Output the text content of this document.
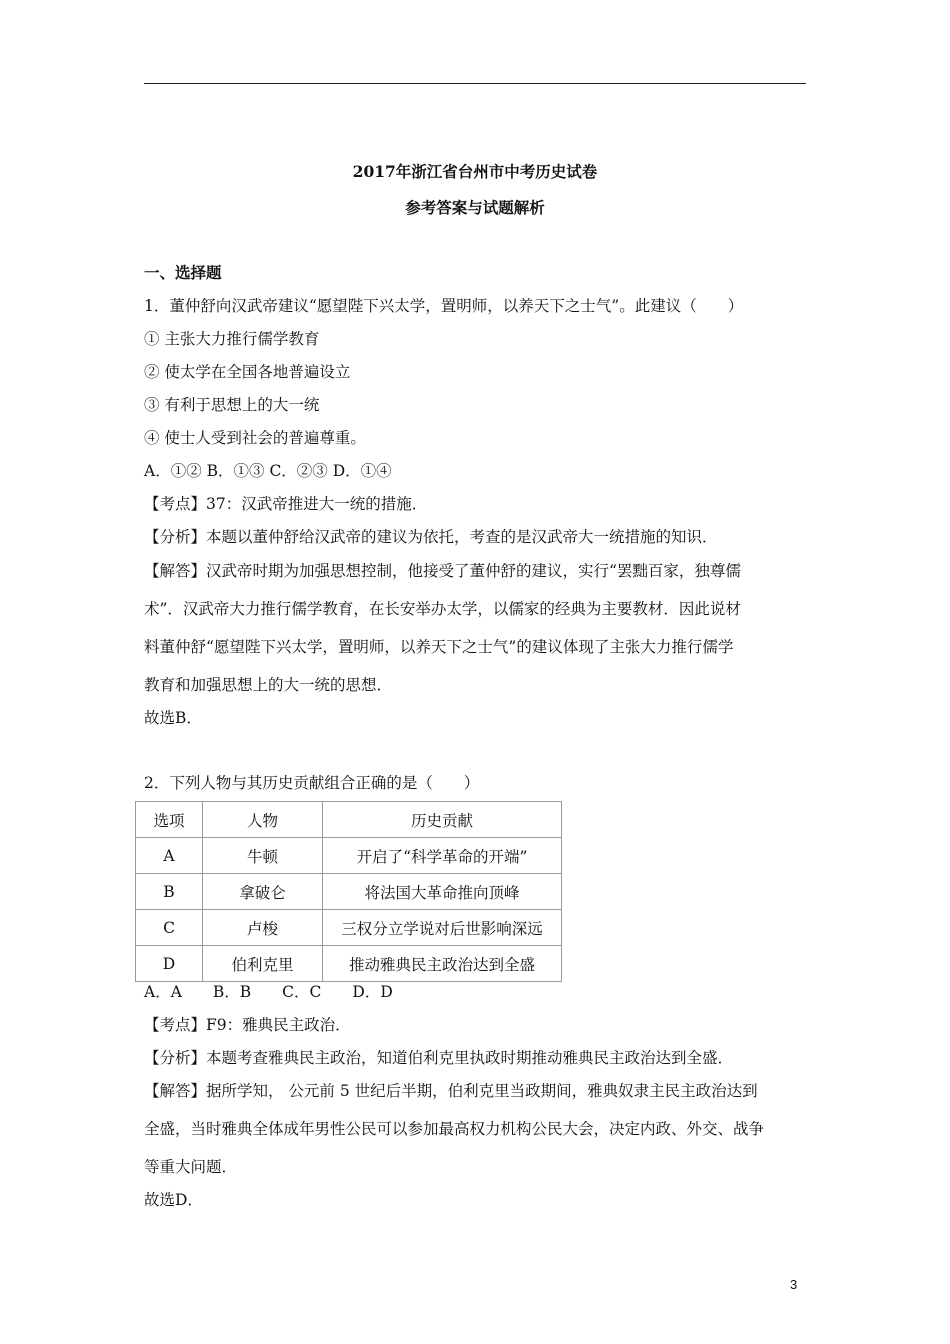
2017年浙江省台州市中考历史试卷
参考答案与试题解析
一、选择题
1．董仲舒向汉武帝建议“愿望陛下兴太学，置明师，以养天下之士气”。此建议（　　）
① 主张大力推行儒学教育
② 使太学在全国各地普遍设立
③ 有利于思想上的大一统
④ 使士人受到社会的普遍尊重。
A．①② B．①③ C．②③ D．①④
【考点】37：汉武帝推进大一统的措施．
【分析】本题以董仲舒给汉武帝的建议为依托，考查的是汉武帝大一统措施的知识．
【解答】汉武帝时期为加强思想控制，他接受了董仲舒的建议，实行“罢黜百家，独尊儒
术”．汉武帝大力推行儒学教育，在长安举办太学，以儒家的经典为主要教材．因此说材
料董仲舒“愿望陛下兴太学，置明师，以养天下之士气”的建议体现了主张大力推行儒学
教育和加强思想上的大一统的思想．
故选B．
2．下列人物与其历史贡献组合正确的是（　　）
选项	人物	历史贡献
A	牛顿	开启了“科学革命的开端”
B	拿破仑	将法国大革命推向顶峰
C	卢梭	三权分立学说对后世影响深远
D	伯利克里	推动雅典民主政治达到全盛
A．A　　B．B　　C．C　　D．D
【考点】F9：雅典民主政治．
【分析】本题考查雅典民主政治，知道伯利克里执政时期推动雅典民主政治达到全盛．
【解答】据所学知， 公元前 5 世纪后半期，伯利克里当政期间，雅典奴隶主民主政治达到
全盛，当时雅典全体成年男性公民可以参加最高权力机构公民大会，决定内政、外交、战争
等重大问题．
故选D．
3
